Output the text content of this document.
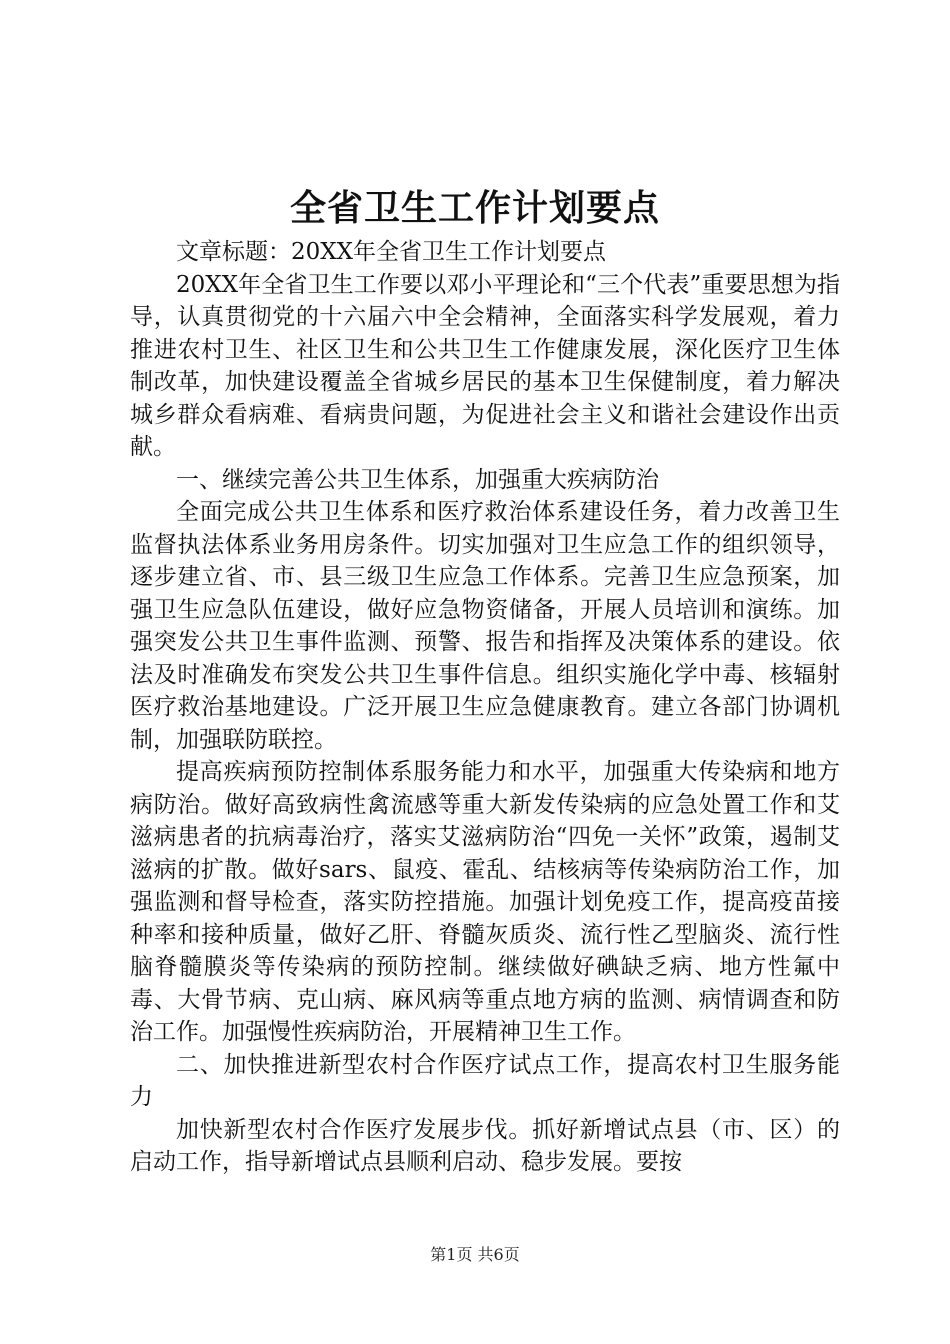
全省卫生工作计划要点

文章标题：20XX年全省卫生工作计划要点

20XX年全省卫生工作要以邓小平理论和“三个代表”重要思想为指导，认真贯彻党的十六届六中全会精神，全面落实科学发展观，着力推进农村卫生、社区卫生和公共卫生工作健康发展，深化医疗卫生体制改革，加快建设覆盖全省城乡居民的基本卫生保健制度，着力解决城乡群众看病难、看病贵问题，为促进社会主义和谐社会建设作出贡献。

一、继续完善公共卫生体系，加强重大疾病防治

全面完成公共卫生体系和医疗救治体系建设任务，着力改善卫生监督执法体系业务用房条件。切实加强对卫生应急工作的组织领导，逐步建立省、市、县三级卫生应急工作体系。完善卫生应急预案，加强卫生应急队伍建设，做好应急物资储备，开展人员培训和演练。加强突发公共卫生事件监测、预警、报告和指挥及决策体系的建设。依法及时准确发布突发公共卫生事件信息。组织实施化学中毒、核辐射医疗救治基地建设。广泛开展卫生应急健康教育。建立各部门协调机制，加强联防联控。

提高疾病预防控制体系服务能力和水平，加强重大传染病和地方病防治。做好高致病性禽流感等重大新发传染病的应急处置工作和艾滋病患者的抗病毒治疗，落实艾滋病防治“四免一关怀”政策，遏制艾滋病的扩散。做好sars、鼠疫、霍乱、结核病等传染病防治工作，加强监测和督导检查，落实防控措施。加强计划免疫工作，提高疫苗接种率和接种质量，做好乙肝、脊髓灰质炎、流行性乙型脑炎、流行性脑脊髓膜炎等传染病的预防控制。继续做好碘缺乏病、地方性氟中毒、大骨节病、克山病、麻风病等重点地方病的监测、病情调查和防治工作。加强慢性疾病防治，开展精神卫生工作。

二、加快推进新型农村合作医疗试点工作，提高农村卫生服务能力

加快新型农村合作医疗发展步伐。抓好新增试点县（市、区）的启动工作，指导新增试点县顺利启动、稳步发展。要按

第1页 共6页
